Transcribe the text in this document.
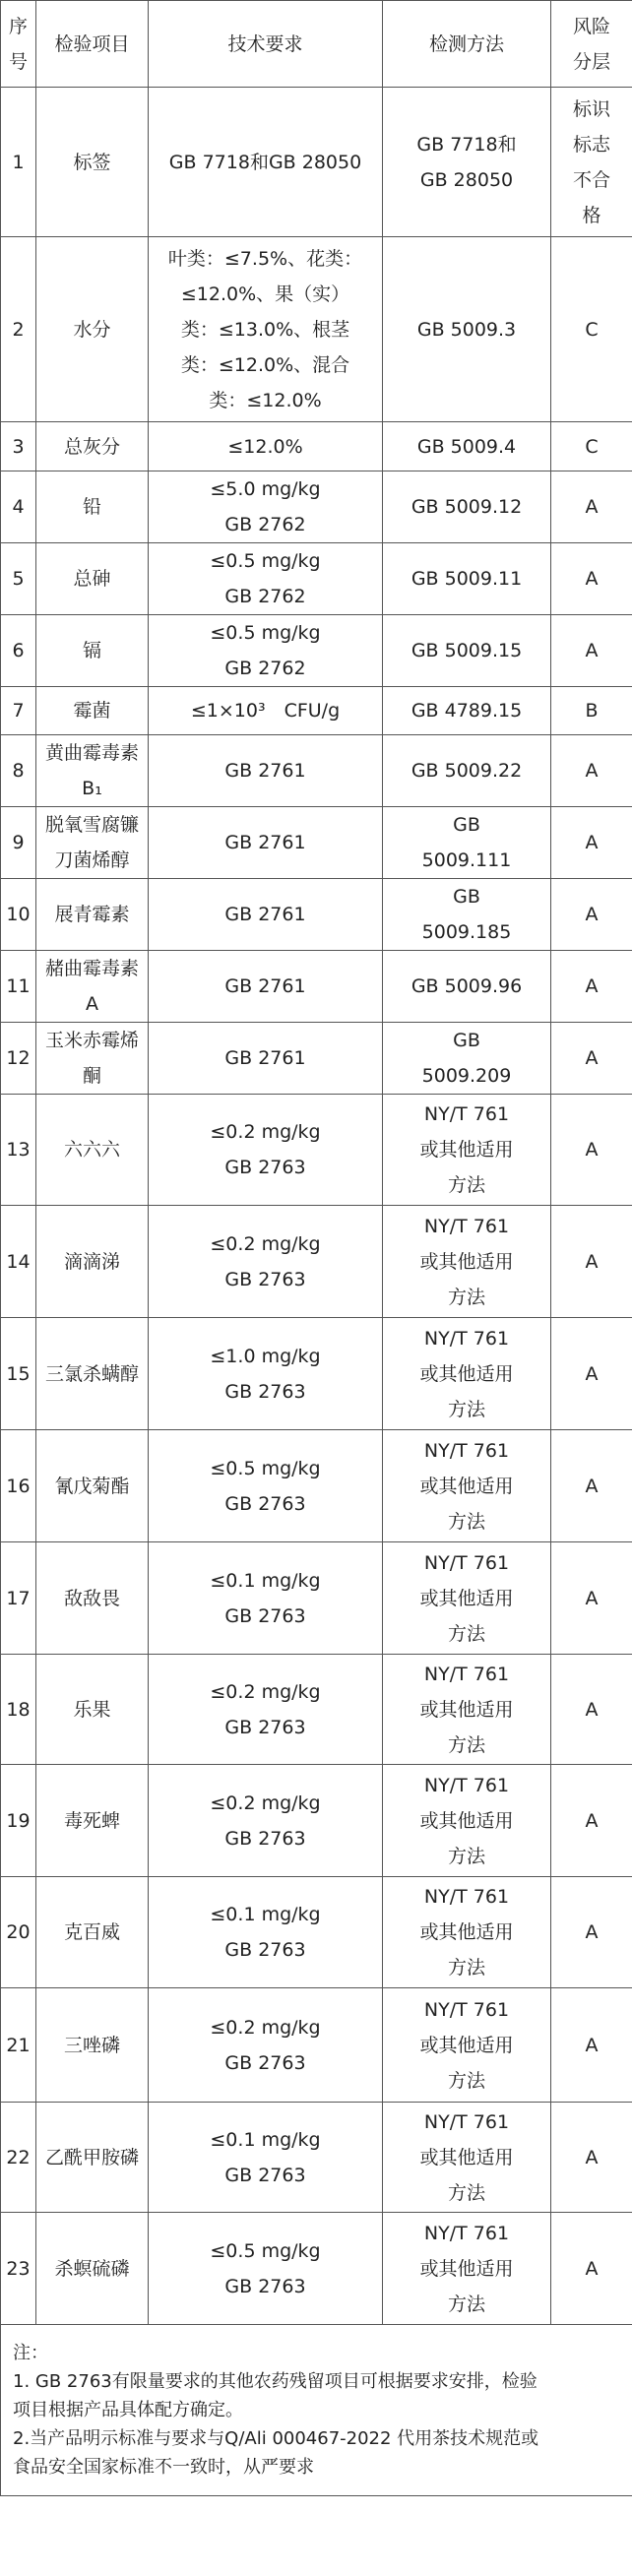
序
号	检验项目	技术要求	检测方法	风险
分层

1	标签	GB 7718和GB 28050	GB 7718和
GB 28050	标识
标志
不合
格

2	水分	叶类：≤7.5%、花类：
≤12.0%、果（实）
类：≤13.0%、根茎
类：≤12.0%、混合
类：≤12.0%	GB 5009.3	C

3	总灰分	≤12.0%	GB 5009.4	C

4	铅	≤5.0 mg/kg
GB 2762	GB 5009.12	A

5	总砷	≤0.5 mg/kg
GB 2762	GB 5009.11	A

6	镉	≤0.5 mg/kg
GB 2762	GB 5009.15	A

7	霉菌	≤1×10³　CFU/g	GB 4789.15	B

8	黄曲霉毒素
B₁	GB 2761	GB 5009.22	A

9	脱氧雪腐镰
刀菌烯醇	GB 2761	GB
5009.111	A

10	展青霉素	GB 2761	GB
5009.185	A

11	赭曲霉毒素
A	GB 2761	GB 5009.96	A

12	玉米赤霉烯
酮	GB 2761	GB
5009.209	A

13	六六六	≤0.2 mg/kg
GB 2763	NY/T 761
或其他适用
方法	A

14	滴滴涕	≤0.2 mg/kg
GB 2763	NY/T 761
或其他适用
方法	A

15	三氯杀螨醇	≤1.0 mg/kg
GB 2763	NY/T 761
或其他适用
方法	A

16	氰戊菊酯	≤0.5 mg/kg
GB 2763	NY/T 761
或其他适用
方法	A

17	敌敌畏	≤0.1 mg/kg
GB 2763	NY/T 761
或其他适用
方法	A

18	乐果	≤0.2 mg/kg
GB 2763	NY/T 761
或其他适用
方法	A

19	毒死蜱	≤0.2 mg/kg
GB 2763	NY/T 761
或其他适用
方法	A

20	克百威	≤0.1 mg/kg
GB 2763	NY/T 761
或其他适用
方法	A

21	三唑磷	≤0.2 mg/kg
GB 2763	NY/T 761
或其他适用
方法	A

22	乙酰甲胺磷	≤0.1 mg/kg
GB 2763	NY/T 761
或其他适用
方法	A

23	杀螟硫磷	≤0.5 mg/kg
GB 2763	NY/T 761
或其他适用
方法	A

注：
1. GB 2763有限量要求的其他农药残留项目可根据要求安排，检验
项目根据产品具体配方确定。
2.当产品明示标准与要求与Q/Ali 000467-2022 代用茶技术规范或
食品安全国家标准不一致时，从严要求				
